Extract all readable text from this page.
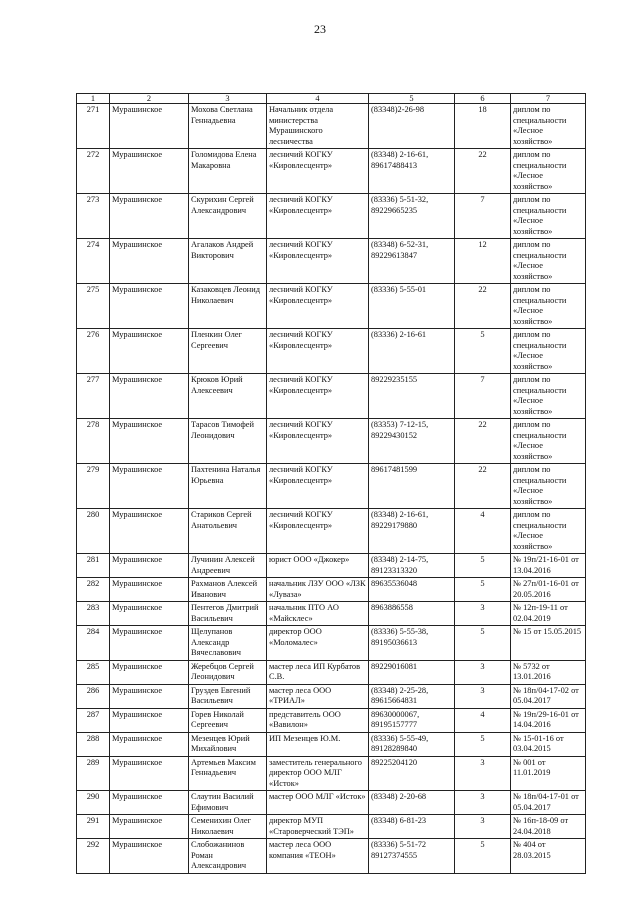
23
1	2	3	4	5	6	7
271	Мурашинское	Мохова Светлана Геннадьевна	Начальник отдела министерства Мурашинского лесничества	(83348)2-26-98	18	диплом по специальности «Лесное хозяйство»
272	Мурашинское	Голомидова Елена Макаровна	лесничий КОГКУ «Кировлесцентр»	(83348) 2-16-61, 89617488413	22	диплом по специальности «Лесное хозяйство»
273	Мурашинское	Скурихин Сергей Александрович	лесничий КОГКУ «Кировлесцентр»	(83336) 5-51-32, 89229665235	7	диплом по специальности «Лесное хозяйство»
274	Мурашинское	Агалаков Андрей Викторович	лесничий КОГКУ «Кировлесцентр»	(83348) 6-52-31, 89229613847	12	диплом по специальности «Лесное хозяйство»
275	Мурашинское	Казаковцев Леонид Николаевич	лесничий КОГКУ «Кировлесцентр»	(83336) 5-55-01	22	диплом по специальности «Лесное хозяйство»
276	Мурашинское	Пленкин Олег Сергеевич	лесничий КОГКУ «Кировлесцентр»	(83336) 2-16-61	5	диплом по специальности «Лесное хозяйство»
277	Мурашинское	Крюков Юрий Алексеевич	лесничий КОГКУ «Кировлесцентр»	89229235155	7	диплом по специальности «Лесное хозяйство»
278	Мурашинское	Тарасов Тимофей Леонидович	лесничий КОГКУ «Кировлесцентр»	(83353) 7-12-15, 89229430152	22	диплом по специальности «Лесное хозяйство»
279	Мурашинское	Пахтенина Наталья Юрьевна	лесничий КОГКУ «Кировлесцентр»	89617481599	22	диплом по специальности «Лесное хозяйство»
280	Мурашинское	Стариков Сергей Анатольевич	лесничий КОГКУ «Кировлесцентр»	(83348) 2-16-61, 89229179880	4	диплом по специальности «Лесное хозяйство»
281	Мурашинское	Лучинин Алексей Андреевич	юрист ООО «Джокер»	(83348) 2-14-75, 89123313320	5	№ 19п/21-16-01 от 13.04.2016
282	Мурашинское	Рахманов Алексей Иванович	начальник ЛЗУ ООО «ЛЗК «Луваза»	89635536048	5	№ 27п/01-16-01 от 20.05.2016
283	Мурашинское	Пентегов Дмитрий Васильевич	начальник ПТО АО «Майсклес»	8963886558	3	№ 12п-19-11 от 02.04.2019
284	Мурашинское	Щелупанов Александр Вячеславович	директор ООО «Моломалес»	(83336) 5-55-38, 89195036613	5	№ 15 от 15.05.2015
285	Мурашинское	Жеребцов Сергей Леонидович	мастер леса ИП Курбатов С.В.	89229016081	3	№ 5732 от 13.01.2016
286	Мурашинское	Груздев Евгений Васильевич	мастер леса ООО «ТРИАЛ»	(83348) 2-25-28, 89615664831	3	№ 18п/04-17-02 от 05.04.2017
287	Мурашинское	Горев Николай Сергеевич	представитель ООО «Вавилон»	89630000067, 89195157777	4	№ 19п/29-16-01 от 14.04.2016
288	Мурашинское	Мезенцев Юрий Михайлович	ИП Мезенцев Ю.М.	(83336) 5-55-49, 89128289840	5	№ 15-01-16 от 03.04.2015
289	Мурашинское	Артемьев Максим Геннадьевич	заместитель генерального директор ООО МЛГ «Исток»	89225204120	3	№ 001 от 11.01.2019
290	Мурашинское	Слаутин Василий Ефимович	мастер ООО МЛГ «Исток»	(83348) 2-20-68	3	№ 18п/04-17-01 от 05.04.2017
291	Мурашинское	Семенихин Олег Николаевич	директор МУП «Староверческий ТЭП»	(83348) 6-81-23	3	№ 16п-18-09 от 24.04.2018
292	Мурашинское	Слобожанинов Роман Александрович	мастер леса ООО компания «ТЕОН»	(83336) 5-51-72 89127374555	5	№ 404 от 28.03.2015
